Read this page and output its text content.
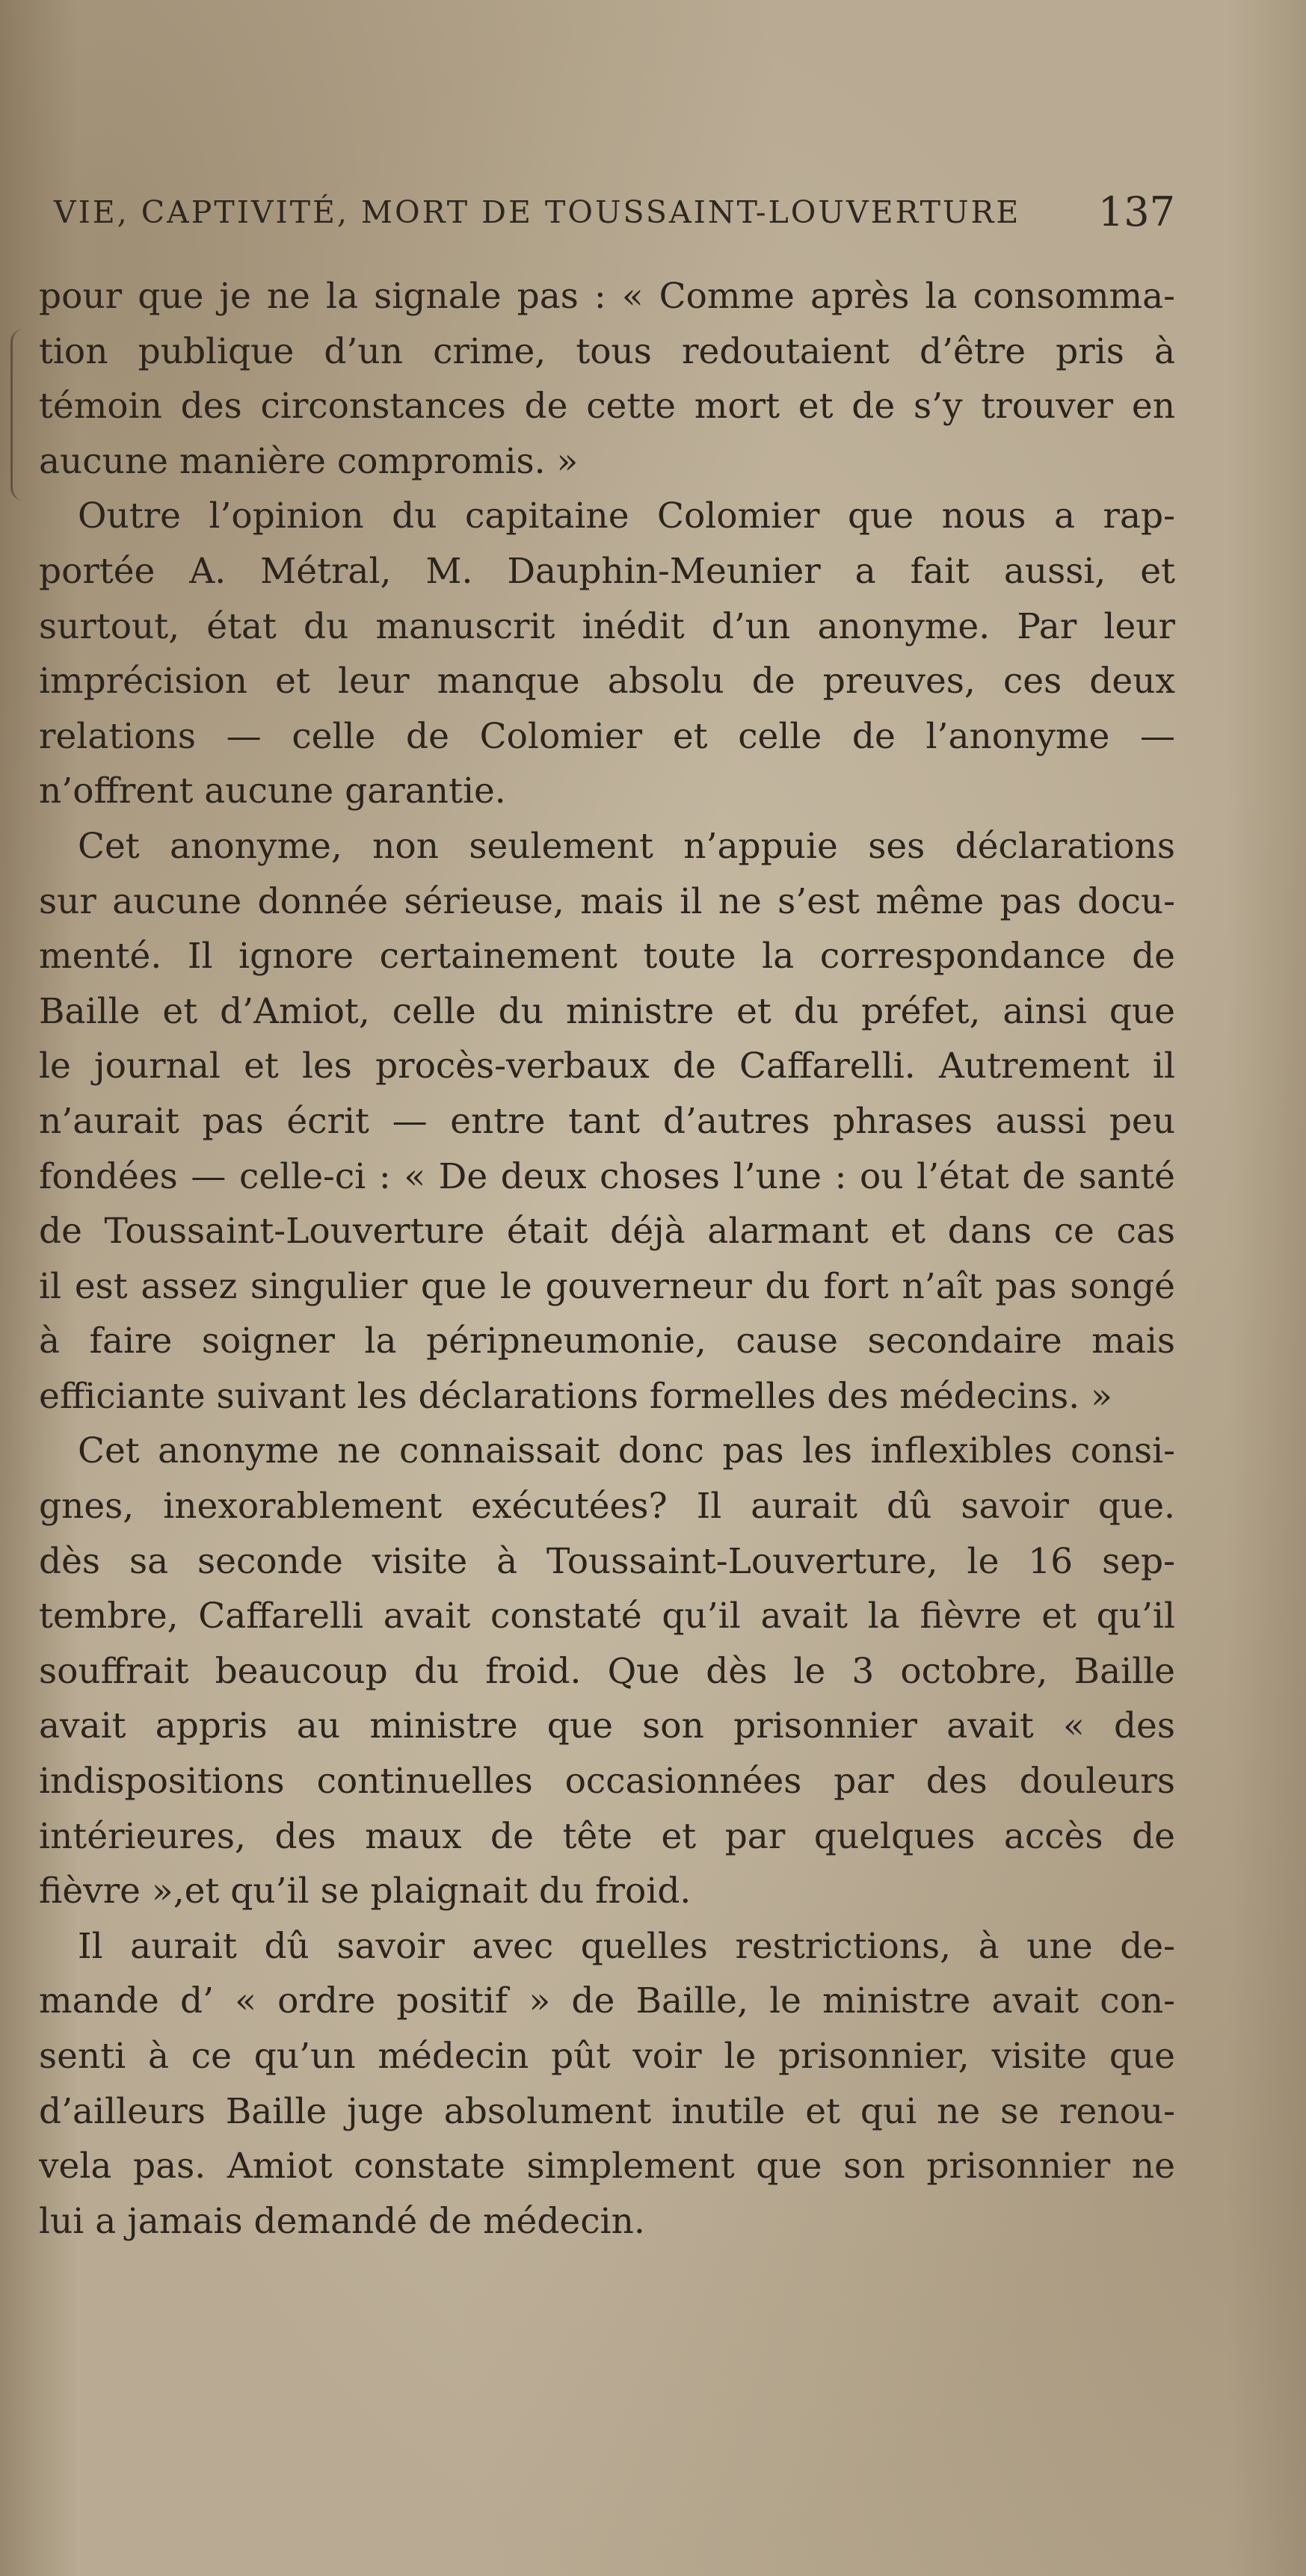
VIE, CAPTIVITÉ, MORT DE TOUSSAINT-LOUVERTURE 137
pour que je ne la signale pas : « Comme après la consomma-
tion publique d’un crime, tous redoutaient d’être pris à
témoin des circonstances de cette mort et de s’y trouver en
aucune manière compromis. »
Outre l’opinion du capitaine Colomier que nous a rap-
portée A. Métral, M. Dauphin-Meunier a fait aussi, et
surtout, état du manuscrit inédit d’un anonyme. Par leur
imprécision et leur manque absolu de preuves, ces deux
relations — celle de Colomier et celle de l’anonyme —
n’offrent aucune garantie.
Cet anonyme, non seulement n’appuie ses déclarations
sur aucune donnée sérieuse, mais il ne s’est même pas docu-
menté. Il ignore certainement toute la correspondance de
Baille et d’Amiot, celle du ministre et du préfet, ainsi que
le journal et les procès-verbaux de Caffarelli. Autrement il
n’aurait pas écrit — entre tant d’autres phrases aussi peu
fondées — celle-ci : « De deux choses l’une : ou l’état de santé
de Toussaint-Louverture était déjà alarmant et dans ce cas
il est assez singulier que le gouverneur du fort n’aît pas songé
à faire soigner la péripneumonie, cause secondaire mais
efficiante suivant les déclarations formelles des médecins. »
Cet anonyme ne connaissait donc pas les inflexibles consi-
gnes, inexorablement exécutées? Il aurait dû savoir que.
dès sa seconde visite à Toussaint-Louverture, le 16 sep-
tembre, Caffarelli avait constaté qu’il avait la fièvre et qu’il
souffrait beaucoup du froid. Que dès le 3 octobre, Baille
avait appris au ministre que son prisonnier avait « des
indispositions continuelles occasionnées par des douleurs
intérieures, des maux de tête et par quelques accès de
fièvre »,et qu’il se plaignait du froid.
Il aurait dû savoir avec quelles restrictions, à une de-
mande d’ « ordre positif » de Baille, le ministre avait con-
senti à ce qu’un médecin pût voir le prisonnier, visite que
d’ailleurs Baille juge absolument inutile et qui ne se renou-
vela pas. Amiot constate simplement que son prisonnier ne
lui a jamais demandé de médecin.
